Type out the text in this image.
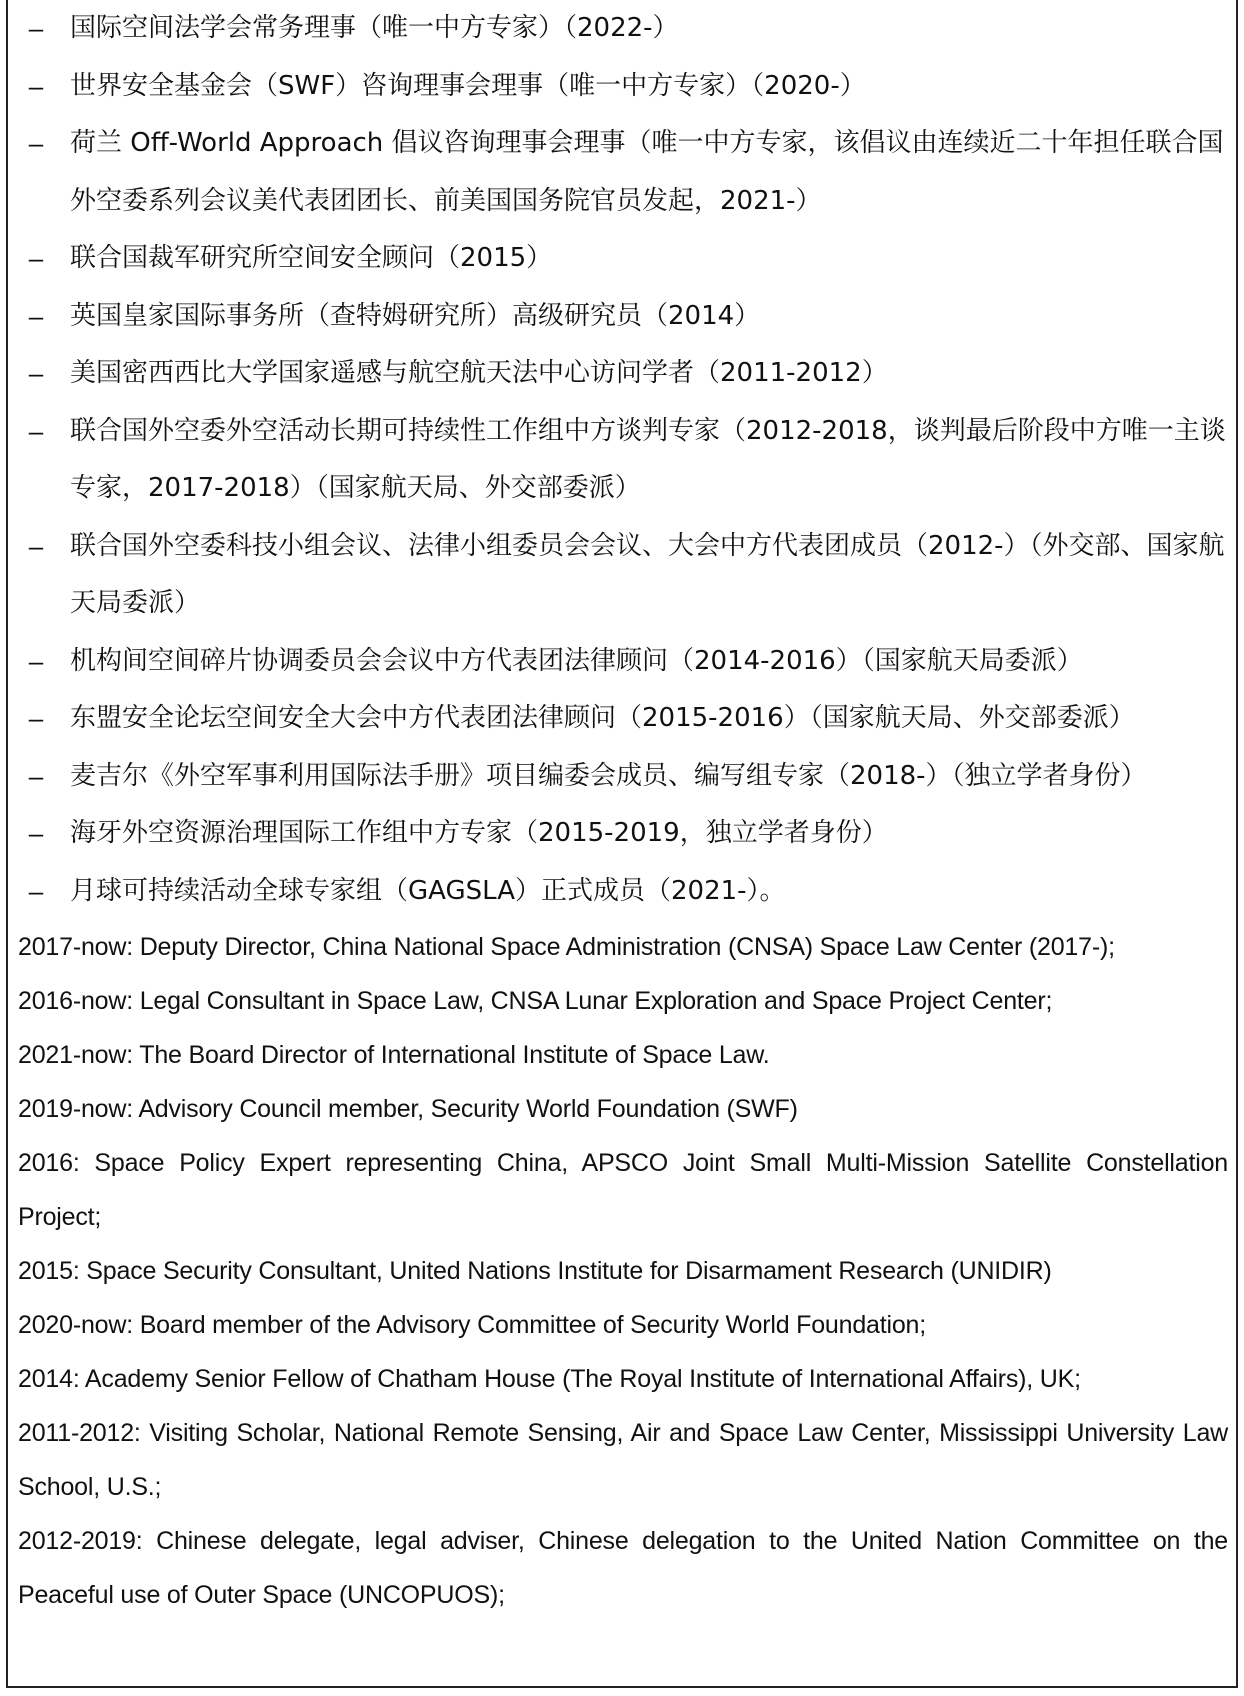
– 国际空间法学会常务理事（唯一中方专家）（2022-）
– 世界安全基金会（SWF）咨询理事会理事（唯一中方专家）（2020-）
– 荷兰 Off-World Approach 倡议咨询理事会理事（唯一中方专家，该倡议由连续近二十年担任联合国外空委系列会议美代表团团长、前美国国务院官员发起，2021-）
– 联合国裁军研究所空间安全顾问（2015）
– 英国皇家国际事务所（查特姆研究所）高级研究员（2014）
– 美国密西西比大学国家遥感与航空航天法中心访问学者（2011-2012）
– 联合国外空委外空活动长期可持续性工作组中方谈判专家（2012-2018，谈判最后阶段中方唯一主谈专家，2017-2018）（国家航天局、外交部委派）
– 联合国外空委科技小组会议、法律小组委员会会议、大会中方代表团成员（2012-）（外交部、国家航天局委派）
– 机构间空间碎片协调委员会会议中方代表团法律顾问（2014-2016）（国家航天局委派）
– 东盟安全论坛空间安全大会中方代表团法律顾问（2015-2016）（国家航天局、外交部委派）
– 麦吉尔《外空军事利用国际法手册》项目编委会成员、编写组专家（2018-）（独立学者身份）
– 海牙外空资源治理国际工作组中方专家（2015-2019，独立学者身份）
– 月球可持续活动全球专家组（GAGSLA）正式成员（2021-）。
2017-now: Deputy Director, China National Space Administration (CNSA) Space Law Center (2017-);
2016-now: Legal Consultant in Space Law, CNSA Lunar Exploration and Space Project Center;
2021-now: The Board Director of International Institute of Space Law.
2019-now: Advisory Council member, Security World Foundation (SWF)
2016: Space Policy Expert representing China, APSCO Joint Small Multi-Mission Satellite Constellation Project;
2015: Space Security Consultant, United Nations Institute for Disarmament Research (UNIDIR)
2020-now: Board member of the Advisory Committee of Security World Foundation;
2014: Academy Senior Fellow of Chatham House (The Royal Institute of International Affairs), UK;
2011-2012: Visiting Scholar, National Remote Sensing, Air and Space Law Center, Mississippi University Law School, U.S.;
2012-2019: Chinese delegate, legal adviser, Chinese delegation to the United Nation Committee on the Peaceful use of Outer Space (UNCOPUOS);
